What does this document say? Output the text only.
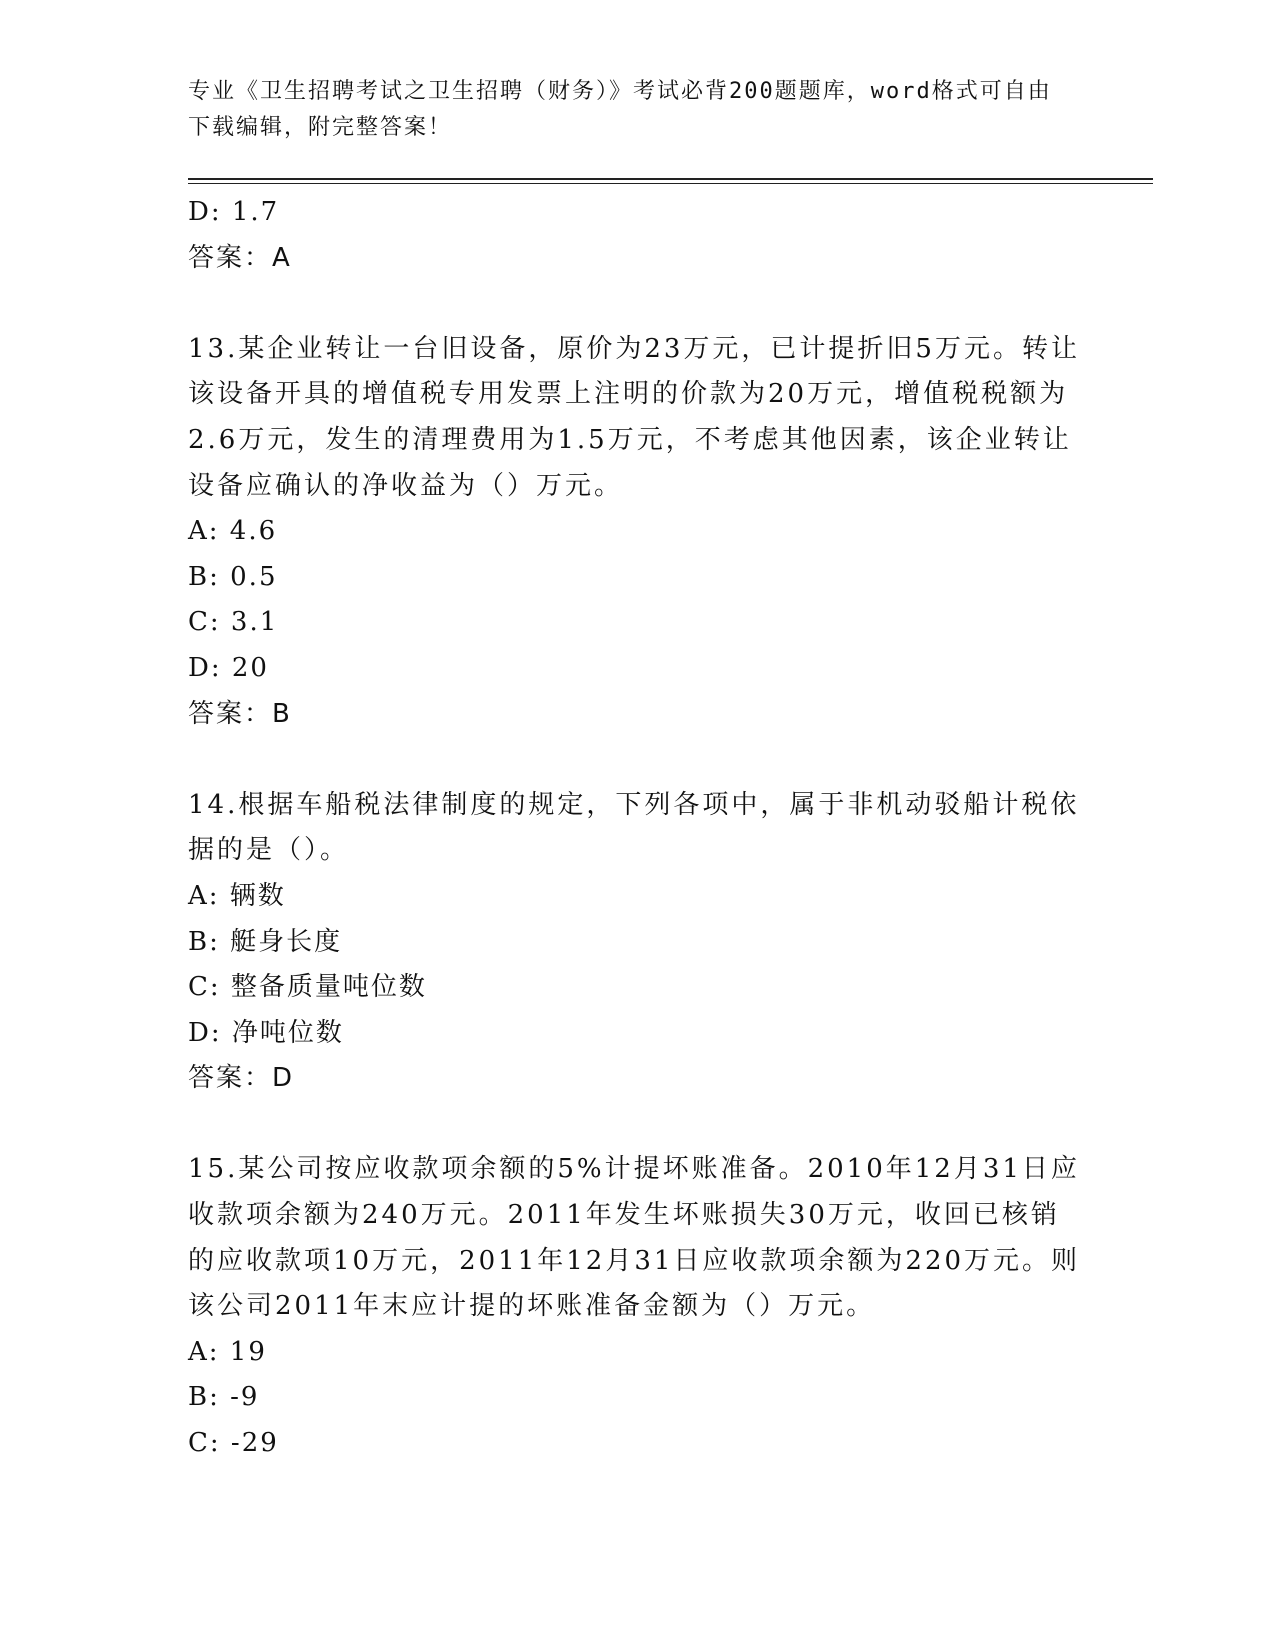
专业《卫生招聘考试之卫生招聘（财务）》考试必背200题题库，word格式可自由下载编辑，附完整答案！

D: 1.7

答案：A

13.某企业转让一台旧设备，原价为23万元，已计提折旧5万元。转让该设备开具的增值税专用发票上注明的价款为20万元，增值税税额为2.6万元，发生的清理费用为1.5万元，不考虑其他因素，该企业转让设备应确认的净收益为（）万元。

A: 4.6

B: 0.5

C: 3.1

D: 20

答案：B

14.根据车船税法律制度的规定，下列各项中，属于非机动驳船计税依据的是（）。

A: 辆数

B: 艇身长度

C: 整备质量吨位数

D: 净吨位数

答案：D

15.某公司按应收款项余额的5%计提坏账准备。2010年12月31日应收款项余额为240万元。2011年发生坏账损失30万元，收回已核销的应收款项10万元，2011年12月31日应收款项余额为220万元。则该公司2011年末应计提的坏账准备金额为（）万元。

A: 19

B: -9

C: -29
